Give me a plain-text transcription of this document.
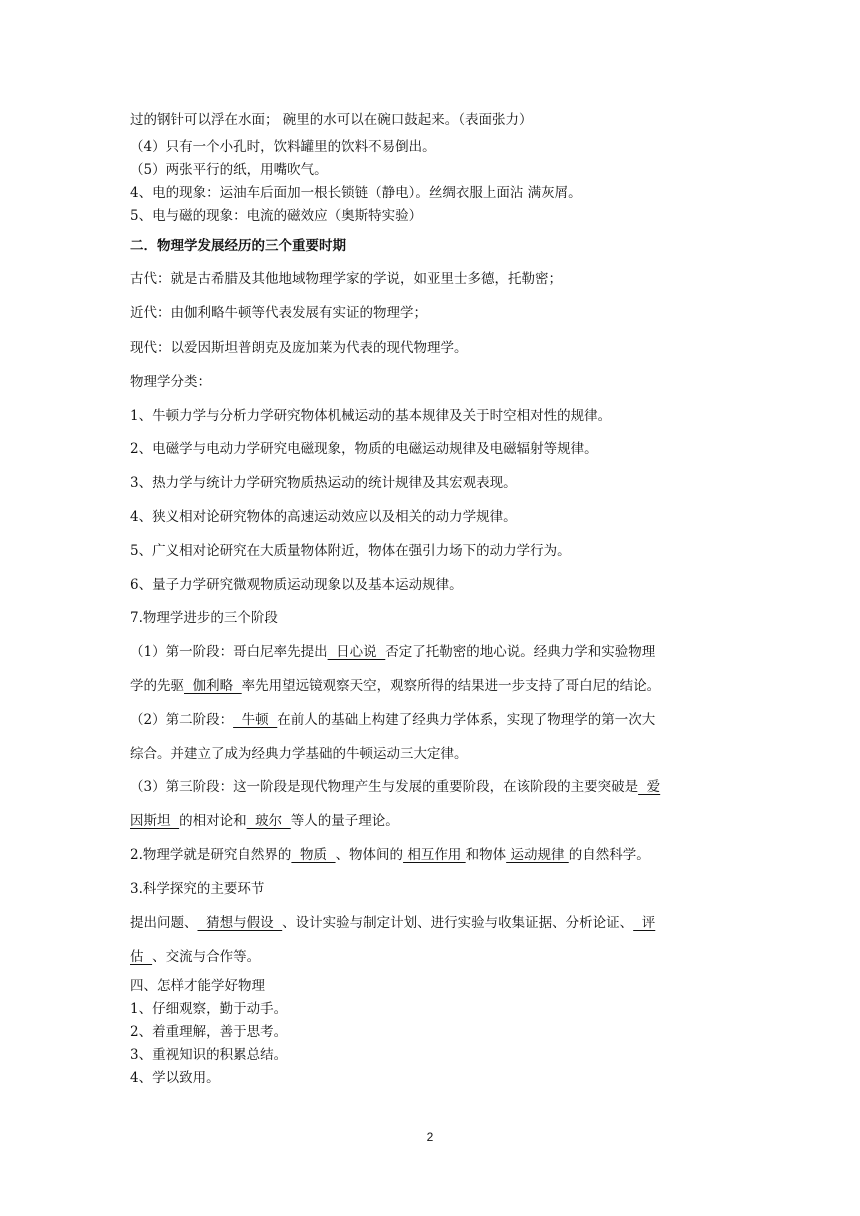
过的钢针可以浮在水面； 碗里的水可以在碗口鼓起来。（表面张力）
（4）只有一个小孔时，饮料罐里的饮料不易倒出。
（5）两张平行的纸，用嘴吹气。
4、电的现象：运油车后面加一根长锁链（静电）。丝绸衣服上面沾 满灰屑。
5、电与磁的现象：电流的磁效应（奥斯特实验）
二．物理学发展经历的三个重要时期
古代：就是古希腊及其他地域物理学家的学说，如亚里士多德，托勒密；
近代：由伽利略牛顿等代表发展有实证的物理学；
现代：以爱因斯坦普朗克及庞加莱为代表的现代物理学。
物理学分类：
1、牛顿力学与分析力学研究物体机械运动的基本规律及关于时空相对性的规律。
2、电磁学与电动力学研究电磁现象，物质的电磁运动规律及电磁辐射等规律。
3、热力学与统计力学研究物质热运动的统计规律及其宏观表现。
4、狭义相对论研究物体的高速运动效应以及相关的动力学规律。
5、广义相对论研究在大质量物体附近，物体在强引力场下的动力学行为。
6、量子力学研究微观物质运动现象以及基本运动规律。
7.物理学进步的三个阶段
（1）第一阶段：哥白尼率先提出  日心说  否定了托勒密的地心说。经典力学和实验物理
学的先驱  伽利略  率先用望远镜观察天空，观察所得的结果进一步支持了哥白尼的结论。
（2）第二阶段：  牛顿  在前人的基础上构建了经典力学体系，实现了物理学的第一次大
综合。并建立了成为经典力学基础的牛顿运动三大定律。
（3）第三阶段：这一阶段是现代物理产生与发展的重要阶段，在该阶段的主要突破是  爱
因斯坦  的相对论和  玻尔  等人的量子理论。
2.物理学就是研究自然界的  物质  、物体间的 相互作用 和物体 运动规律 的自然科学。
3.科学探究的主要环节
提出问题、  猜想与假设  、设计实验与制定计划、进行实验与收集证据、分析论证、  评
估  、交流与合作等。
四、怎样才能学好物理
1、仔细观察，勤于动手。
2、着重理解，善于思考。
3、重视知识的积累总结。
4、学以致用。
2
